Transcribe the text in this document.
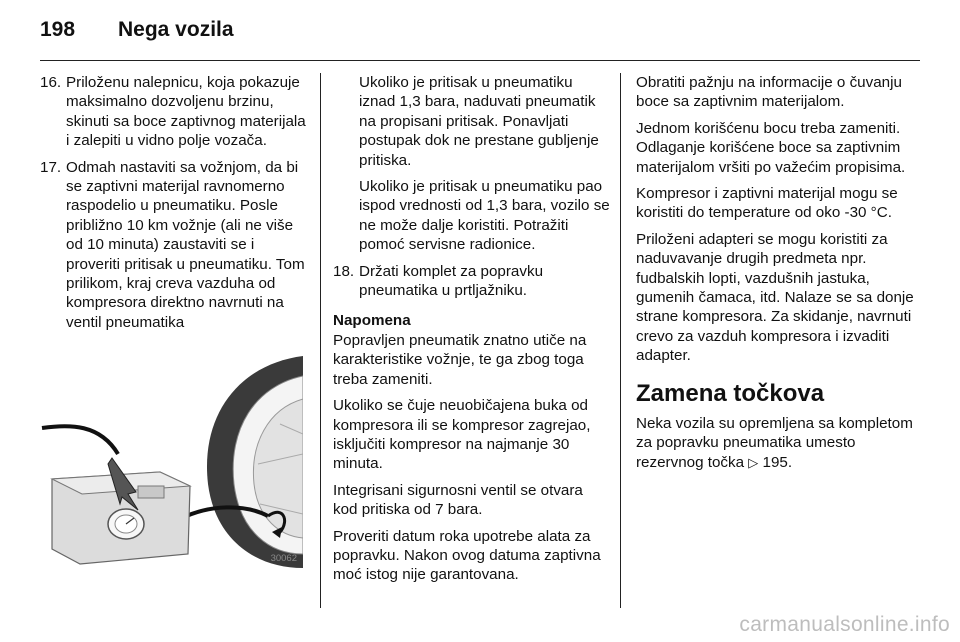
198 Nega vozila
16. Priloženu nalepnicu, koja pokazuje maksimalno dozvoljenu brzinu, skinuti sa boce zaptivnog materijala i zalepiti u vidno polje vozača.
17. Odmah nastaviti sa vožnjom, da bi se zaptivni materijal ravnomerno raspodelio u pneumatiku. Posle približno 10 km vožnje (ali ne više od 10 minuta) zaustaviti se i proveriti pritisak u pneumatiku. Tom prilikom, kraj creva vazduha od kompresora direktno navrnuti na ventil pneumatika
30062

Ukoliko je pritisak u pneumatiku iznad 1,3 bara, naduvati pneumatik na propisani pritisak. Ponavljati postupak dok ne prestane gubljenje pritiska.

Ukoliko je pritisak u pneumatiku pao ispod vrednosti od 1,3 bara, vozilo se ne može dalje koristiti. Potražiti pomoć servisne radionice.

18. Držati komplet za popravku pneumatika u prtljažniku.

Napomena

Popravljen pneumatik znatno utiče na karakteristike vožnje, te ga zbog toga treba zameniti.

Ukoliko se čuje neuobičajena buka od kompresora ili se kompresor zagrejao, isključiti kompresor na najmanje 30 minuta.

Integrisani sigurnosni ventil se otvara kod pritiska od 7 bara.

Proveriti datum roka upotrebe alata za popravku. Nakon ovog datuma zaptivna moć istog nije garantovana.

Obratiti pažnju na informacije o čuvanju boce sa zaptivnim materijalom.

Jednom korišćenu bocu treba zameniti. Odlaganje korišćene boce sa zaptivnim materijalom vršiti po važećim propisima.

Kompresor i zaptivni materijal mogu se koristiti do temperature od oko -30 °C.

Priloženi adapteri se mogu koristiti za naduvavanje drugih predmeta npr. fudbalskih lopti, vazdušnih jastuka, gumenih čamaca, itd. Nalaze se sa donje strane kompresora. Za skidanje, navrnuti crevo za vazduh kompresora i izvaditi adapter.

Zamena točkova

Neka vozila su opremljena sa kompletom za popravku pneumatika umesto rezervnog točka ▷ 195.

carmanualsonline.info
